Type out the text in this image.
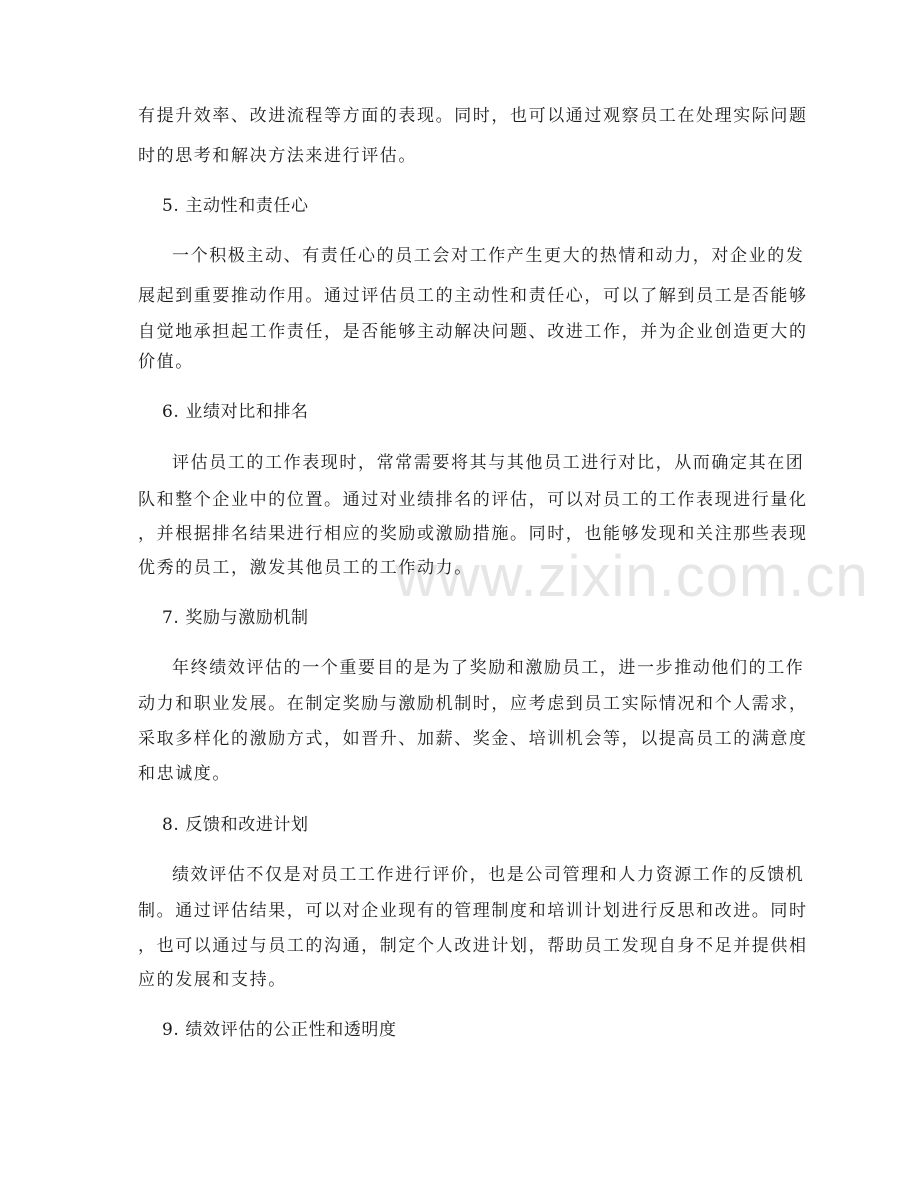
www.zixin.com.cn
有提升效率、改进流程等方面的表现。同时，也可以通过观察员工在处理实际问题
时的思考和解决方法来进行评估。
5. 主动性和责任心
一个积极主动、有责任心的员工会对工作产生更大的热情和动力，对企业的发
展起到重要推动作用。通过评估员工的主动性和责任心，可以了解到员工是否能够
自觉地承担起工作责任，是否能够主动解决问题、改进工作，并为企业创造更大的
价值。
6. 业绩对比和排名
评估员工的工作表现时，常常需要将其与其他员工进行对比，从而确定其在团
队和整个企业中的位置。通过对业绩排名的评估，可以对员工的工作表现进行量化
，并根据排名结果进行相应的奖励或激励措施。同时，也能够发现和关注那些表现
优秀的员工，激发其他员工的工作动力。
7. 奖励与激励机制
年终绩效评估的一个重要目的是为了奖励和激励员工，进一步推动他们的工作
动力和职业发展。在制定奖励与激励机制时，应考虑到员工实际情况和个人需求，
采取多样化的激励方式，如晋升、加薪、奖金、培训机会等，以提高员工的满意度
和忠诚度。
8. 反馈和改进计划
绩效评估不仅是对员工工作进行评价，也是公司管理和人力资源工作的反馈机
制。通过评估结果，可以对企业现有的管理制度和培训计划进行反思和改进。同时
，也可以通过与员工的沟通，制定个人改进计划，帮助员工发现自身不足并提供相
应的发展和支持。
9. 绩效评估的公正性和透明度
